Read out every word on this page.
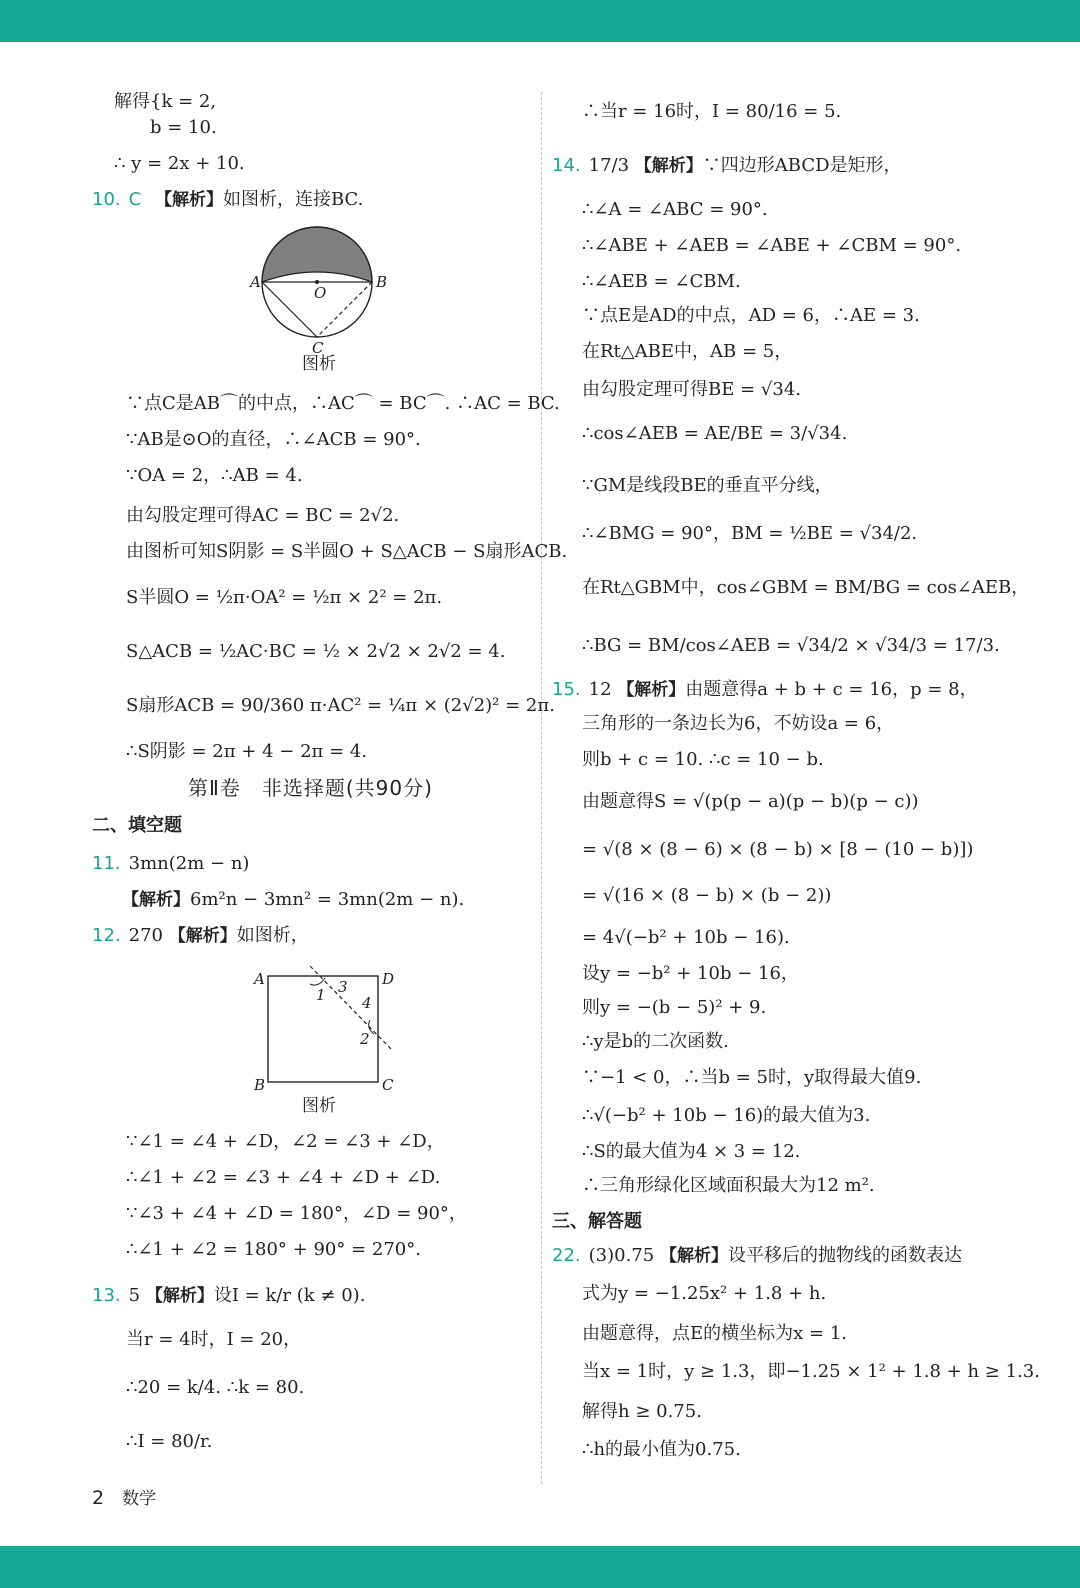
解得{k = 2,
b = 10.
∴ y = 2x + 10.
10. C 【解析】如图析，连接BC.
A	B
O
C
图析
∵点C是AB⌒的中点，∴AC⌒ = BC⌒. ∴AC = BC.
∵AB是⊙O的直径，∴∠ACB = 90°.
∵OA = 2，∴AB = 4.
由勾股定理可得AC = BC = 2√2.
由图析可知S阴影 = S半圆O + S△ACB − S扇形ACB.
S半圆O = ½π·OA² = ½π × 2² = 2π.
S△ACB = ½AC·BC = ½ × 2√2 × 2√2 = 4.
S扇形ACB = 90/360 π·AC² = ¼π × (2√2)² = 2π.
∴S阴影 = 2π + 4 − 2π = 4.
第Ⅱ卷　非选择题(共90分)
二、填空题
11. 3mn(2m − n)
【解析】6m²n − 3mn² = 3mn(2m − n).
12. 270 【解析】如图析，
A	D
B	C
1 3
4
2
图析
∵∠1 = ∠4 + ∠D，∠2 = ∠3 + ∠D，
∴∠1 + ∠2 = ∠3 + ∠4 + ∠D + ∠D.
∵∠3 + ∠4 + ∠D = 180°，∠D = 90°，
∴∠1 + ∠2 = 180° + 90° = 270°.
13. 5 【解析】设I = k/r (k ≠ 0).
当r = 4时，I = 20，
∴20 = k/4. ∴k = 80.
∴I = 80/r.
∴当r = 16时，I = 80/16 = 5.
14. 17/3 【解析】∵四边形ABCD是矩形，
∴∠A = ∠ABC = 90°.
∴∠ABE + ∠AEB = ∠ABE + ∠CBM = 90°.
∴∠AEB = ∠CBM.
∵点E是AD的中点，AD = 6，∴AE = 3.
在Rt△ABE中，AB = 5，
由勾股定理可得BE = √34.
∴cos∠AEB = AE/BE = 3/√34.
∵GM是线段BE的垂直平分线，
∴∠BMG = 90°，BM = ½BE = √34/2.
在Rt△GBM中，cos∠GBM = BM/BG = cos∠AEB，
∴BG = BM/cos∠AEB = √34/2 × √34/3 = 17/3.
15. 12 【解析】由题意得a + b + c = 16，p = 8，
三角形的一条边长为6，不妨设a = 6，
则b + c = 10. ∴c = 10 − b.
由题意得S = √(p(p − a)(p − b)(p − c))
= √(8 × (8 − 6) × (8 − b) × [8 − (10 − b)])
= √(16 × (8 − b) × (b − 2))
= 4√(−b² + 10b − 16).
设y = −b² + 10b − 16，
则y = −(b − 5)² + 9.
∴y是b的二次函数.
∵−1 < 0，∴当b = 5时，y取得最大值9.
∴√(−b² + 10b − 16)的最大值为3.
∴S的最大值为4 × 3 = 12.
∴三角形绿化区域面积最大为12 m².
三、解答题
22. (3)0.75 【解析】设平移后的抛物线的函数表达
式为y = −1.25x² + 1.8 + h.
由题意得，点E的横坐标为x = 1.
当x = 1时，y ≥ 1.3，即−1.25 × 1² + 1.8 + h ≥ 1.3.
解得h ≥ 0.75.
∴h的最小值为0.75.
2 数学
